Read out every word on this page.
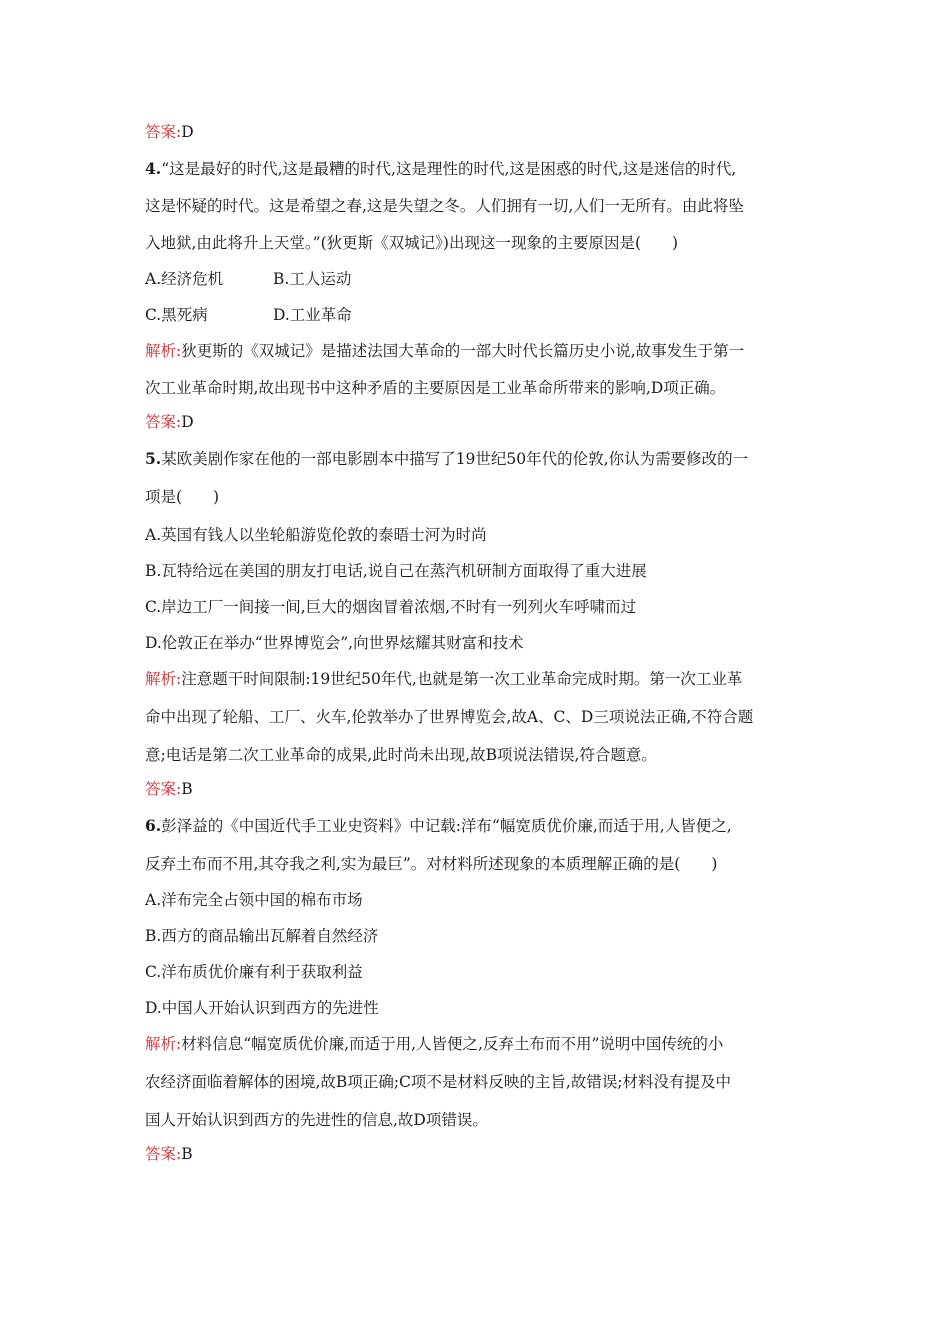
答案:D
4.“这是最好的时代,这是最糟的时代,这是理性的时代,这是困惑的时代,这是迷信的时代,
这是怀疑的时代。这是希望之春,这是失望之冬。人们拥有一切,人们一无所有。由此将坠
入地狱,由此将升上天堂。”(狄更斯《双城记》)出现这一现象的主要原因是(　　)
A.经济危机	B.工人运动
C.黑死病	D.工业革命
解析:狄更斯的《双城记》是描述法国大革命的一部大时代长篇历史小说,故事发生于第一
次工业革命时期,故出现书中这种矛盾的主要原因是工业革命所带来的影响,D项正确。
答案:D
5.某欧美剧作家在他的一部电影剧本中描写了19世纪50年代的伦敦,你认为需要修改的一
项是(　　)
A.英国有钱人以坐轮船游览伦敦的泰晤士河为时尚
B.瓦特给远在美国的朋友打电话,说自己在蒸汽机研制方面取得了重大进展
C.岸边工厂一间接一间,巨大的烟囱冒着浓烟,不时有一列列火车呼啸而过
D.伦敦正在举办“世界博览会”,向世界炫耀其财富和技术
解析:注意题干时间限制:19世纪50年代,也就是第一次工业革命完成时期。第一次工业革
命中出现了轮船、工厂、火车,伦敦举办了世界博览会,故A、C、D三项说法正确,不符合题
意;电话是第二次工业革命的成果,此时尚未出现,故B项说法错误,符合题意。
答案:B
6.彭泽益的《中国近代手工业史资料》中记载:洋布“幅宽质优价廉,而适于用,人皆便之,
反弃土布而不用,其夺我之利,实为最巨”。对材料所述现象的本质理解正确的是(　　)
A.洋布完全占领中国的棉布市场
B.西方的商品输出瓦解着自然经济
C.洋布质优价廉有利于获取利益
D.中国人开始认识到西方的先进性
解析:材料信息“幅宽质优价廉,而适于用,人皆便之,反弃土布而不用”说明中国传统的小
农经济面临着解体的困境,故B项正确;C项不是材料反映的主旨,故错误;材料没有提及中
国人开始认识到西方的先进性的信息,故D项错误。
答案:B
